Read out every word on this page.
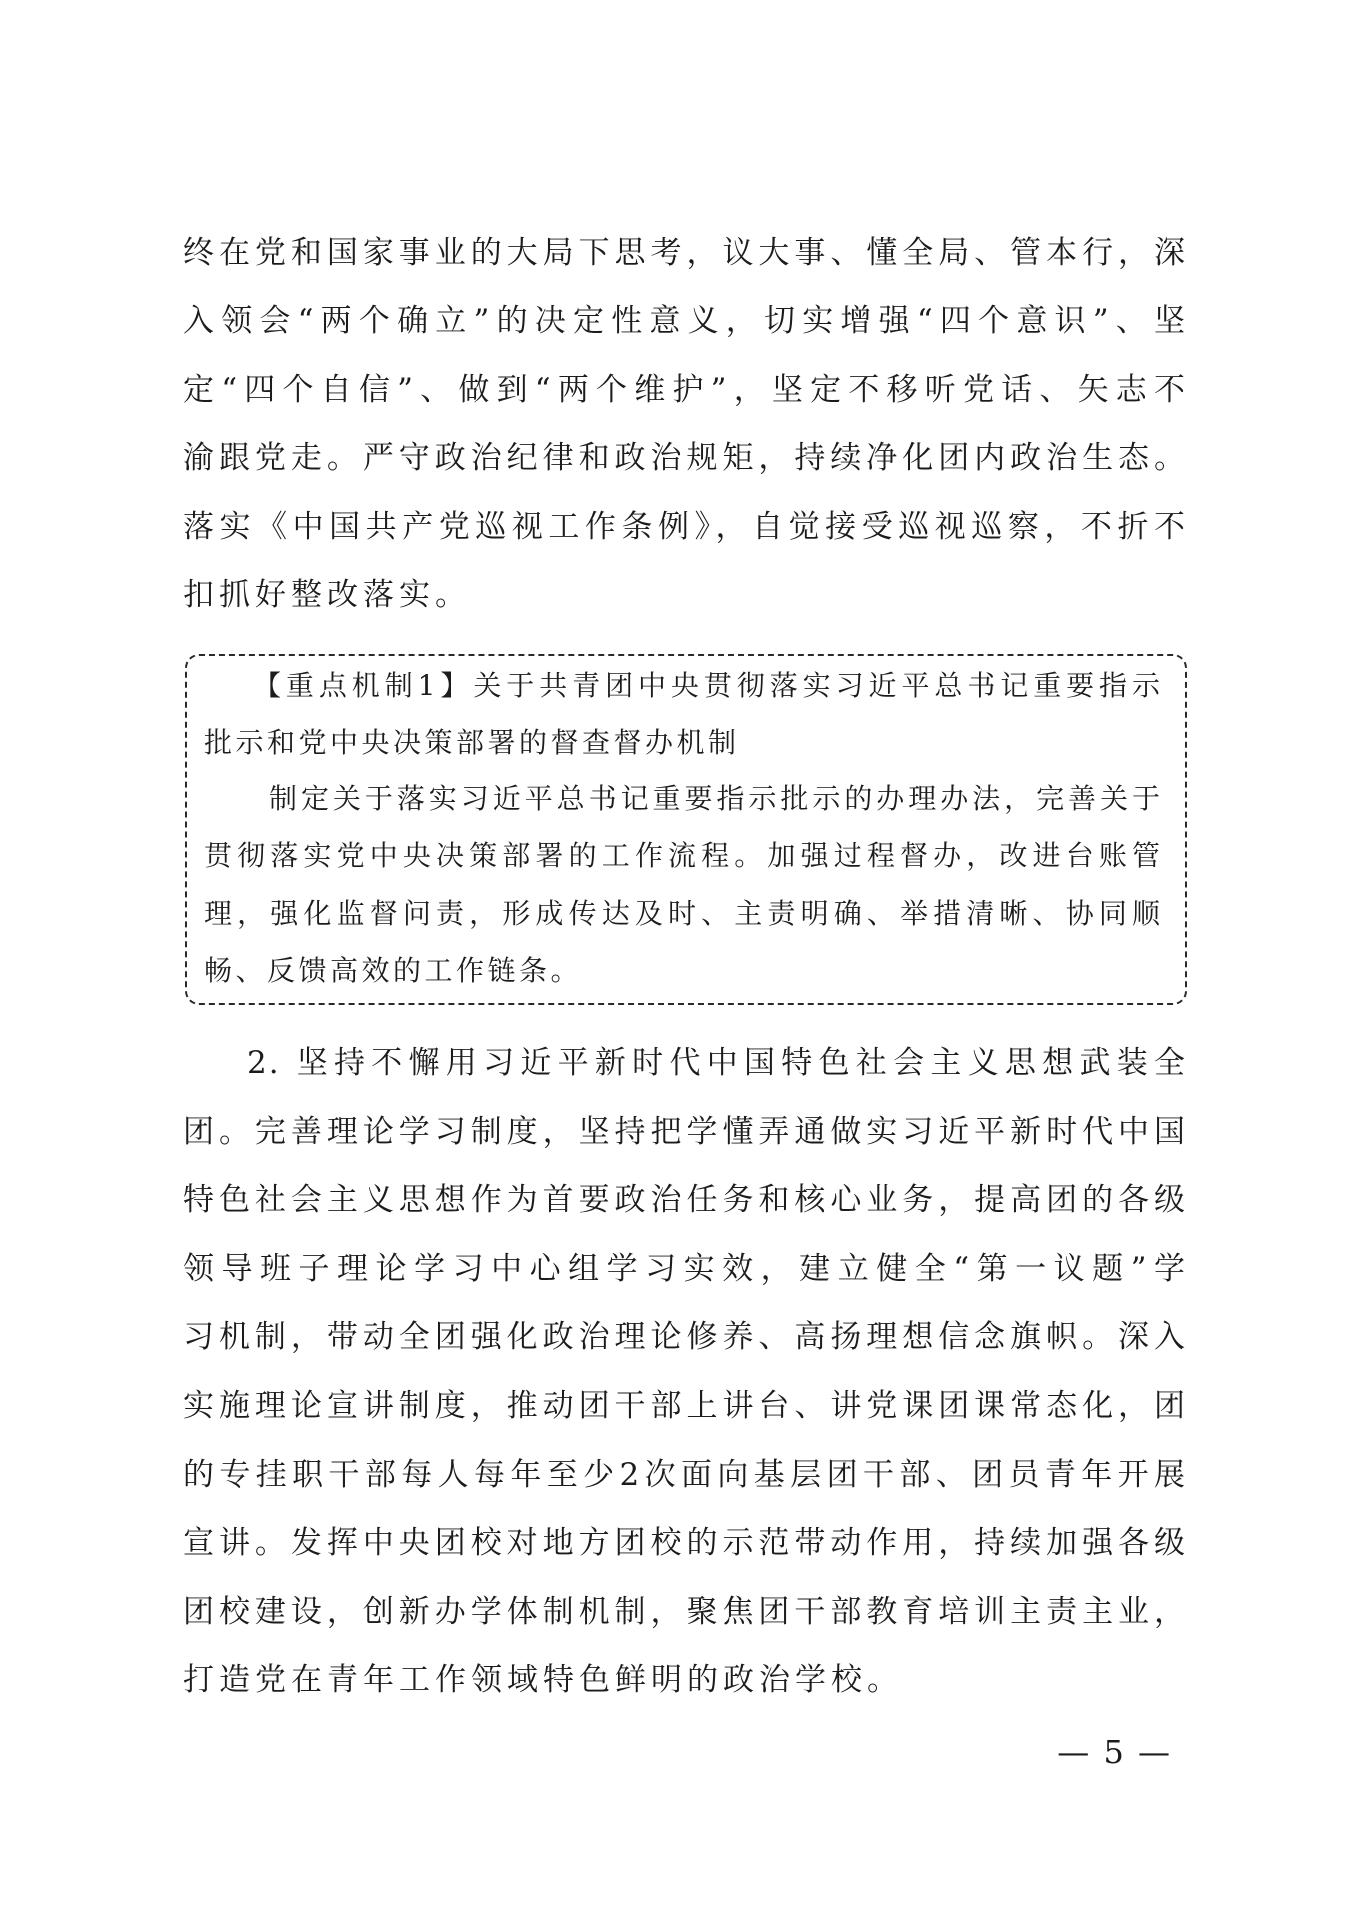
终在党和国家事业的大局下思考，议大事、懂全局、管本行，深
入领会“两个确立”的决定性意义，切实增强“四个意识”、坚
定“四个自信”、做到“两个维护”，坚定不移听党话、矢志不
渝跟党走。严守政治纪律和政治规矩，持续净化团内政治生态。
落实《中国共产党巡视工作条例》，自觉接受巡视巡察，不折不
扣抓好整改落实。
【重点机制1】关于共青团中央贯彻落实习近平总书记重要指示
批示和党中央决策部署的督查督办机制
制定关于落实习近平总书记重要指示批示的办理办法，完善关于
贯彻落实党中央决策部署的工作流程。加强过程督办，改进台账管
理，强化监督问责，形成传达及时、主责明确、举措清晰、协同顺
畅、反馈高效的工作链条。
2. 坚持不懈用习近平新时代中国特色社会主义思想武装全
团。完善理论学习制度，坚持把学懂弄通做实习近平新时代中国
特色社会主义思想作为首要政治任务和核心业务，提高团的各级
领导班子理论学习中心组学习实效，建立健全“第一议题”学
习机制，带动全团强化政治理论修养、高扬理想信念旗帜。深入
实施理论宣讲制度，推动团干部上讲台、讲党课团课常态化，团
的专挂职干部每人每年至少2次面向基层团干部、团员青年开展
宣讲。发挥中央团校对地方团校的示范带动作用，持续加强各级
团校建设，创新办学体制机制，聚焦团干部教育培训主责主业，
打造党在青年工作领域特色鲜明的政治学校。
— 5 —
